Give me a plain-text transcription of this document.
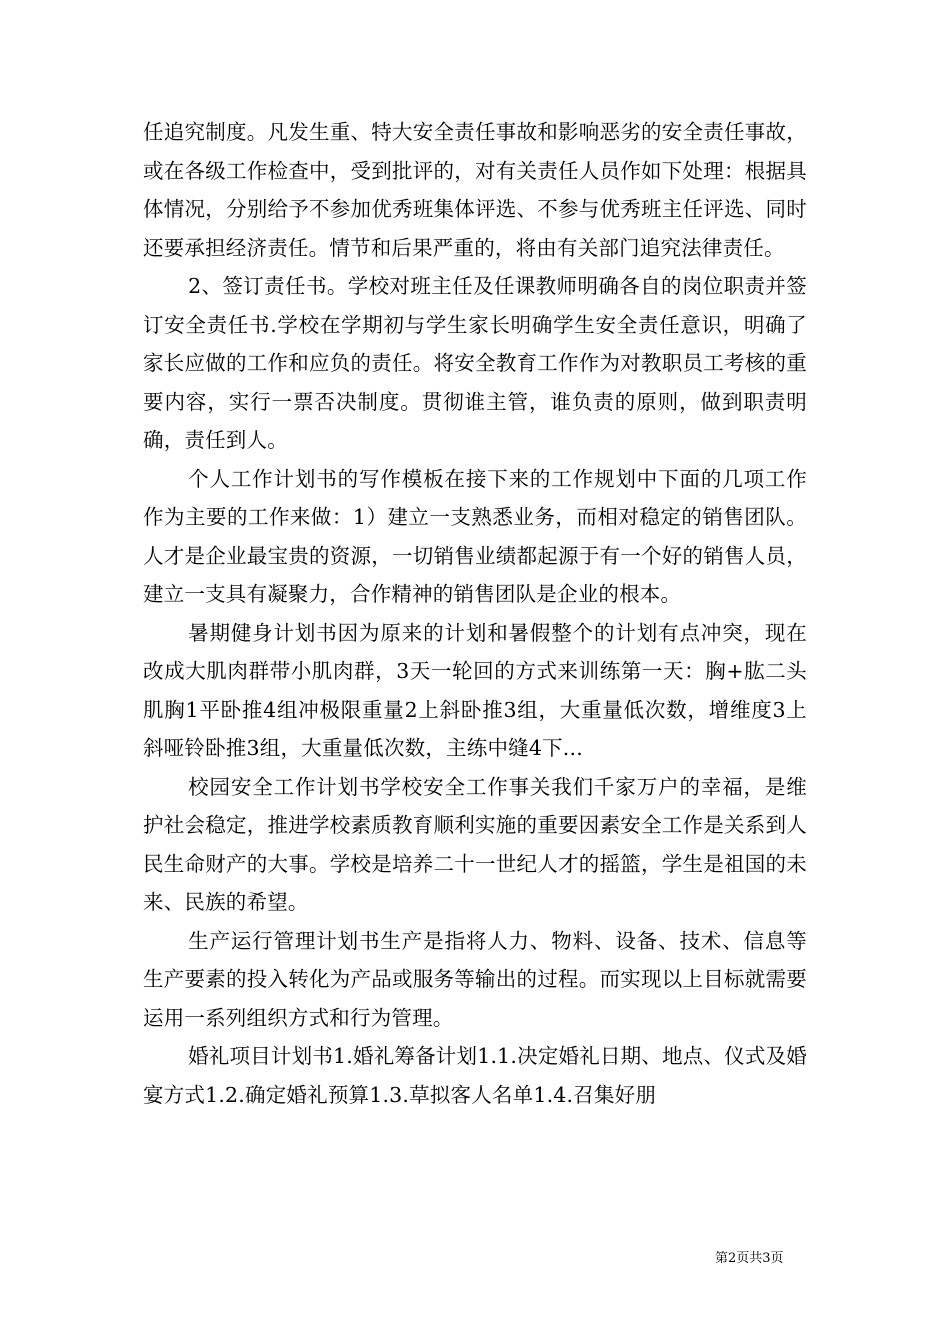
任追究制度。凡发生重、特大安全责任事故和影响恶劣的安全责任事故，或在各级工作检查中，受到批评的，对有关责任人员作如下处理：根据具体情况，分别给予不参加优秀班集体评选、不参与优秀班主任评选、同时还要承担经济责任。情节和后果严重的，将由有关部门追究法律责任。

2、签订责任书。学校对班主任及任课教师明确各自的岗位职责并签订安全责任书.学校在学期初与学生家长明确学生安全责任意识，明确了家长应做的工作和应负的责任。将安全教育工作作为对教职员工考核的重要内容，实行一票否决制度。贯彻谁主管，谁负责的原则，做到职责明确，责任到人。

个人工作计划书的写作模板在接下来的工作规划中下面的几项工作作为主要的工作来做：1）建立一支熟悉业务，而相对稳定的销售团队。人才是企业最宝贵的资源，一切销售业绩都起源于有一个好的销售人员，建立一支具有凝聚力，合作精神的销售团队是企业的根本。

暑期健身计划书因为原来的计划和暑假整个的计划有点冲突，现在改成大肌肉群带小肌肉群，3天一轮回的方式来训练第一天：胸+肱二头肌胸1平卧推4组冲极限重量2上斜卧推3组，大重量低次数，增维度3上斜哑铃卧推3组，大重量低次数，主练中缝4下...

校园安全工作计划书学校安全工作事关我们千家万户的幸福，是维护社会稳定，推进学校素质教育顺利实施的重要因素安全工作是关系到人民生命财产的大事。学校是培养二十一世纪人才的摇篮，学生是祖国的未来、民族的希望。

生产运行管理计划书生产是指将人力、物料、设备、技术、信息等生产要素的投入转化为产品或服务等输出的过程。而实现以上目标就需要运用一系列组织方式和行为管理。

婚礼项目计划书1.婚礼筹备计划1.1.决定婚礼日期、地点、仪式及婚宴方式1.2.确定婚礼预算1.3.草拟客人名单1.4.召集好朋

第2页共3页
